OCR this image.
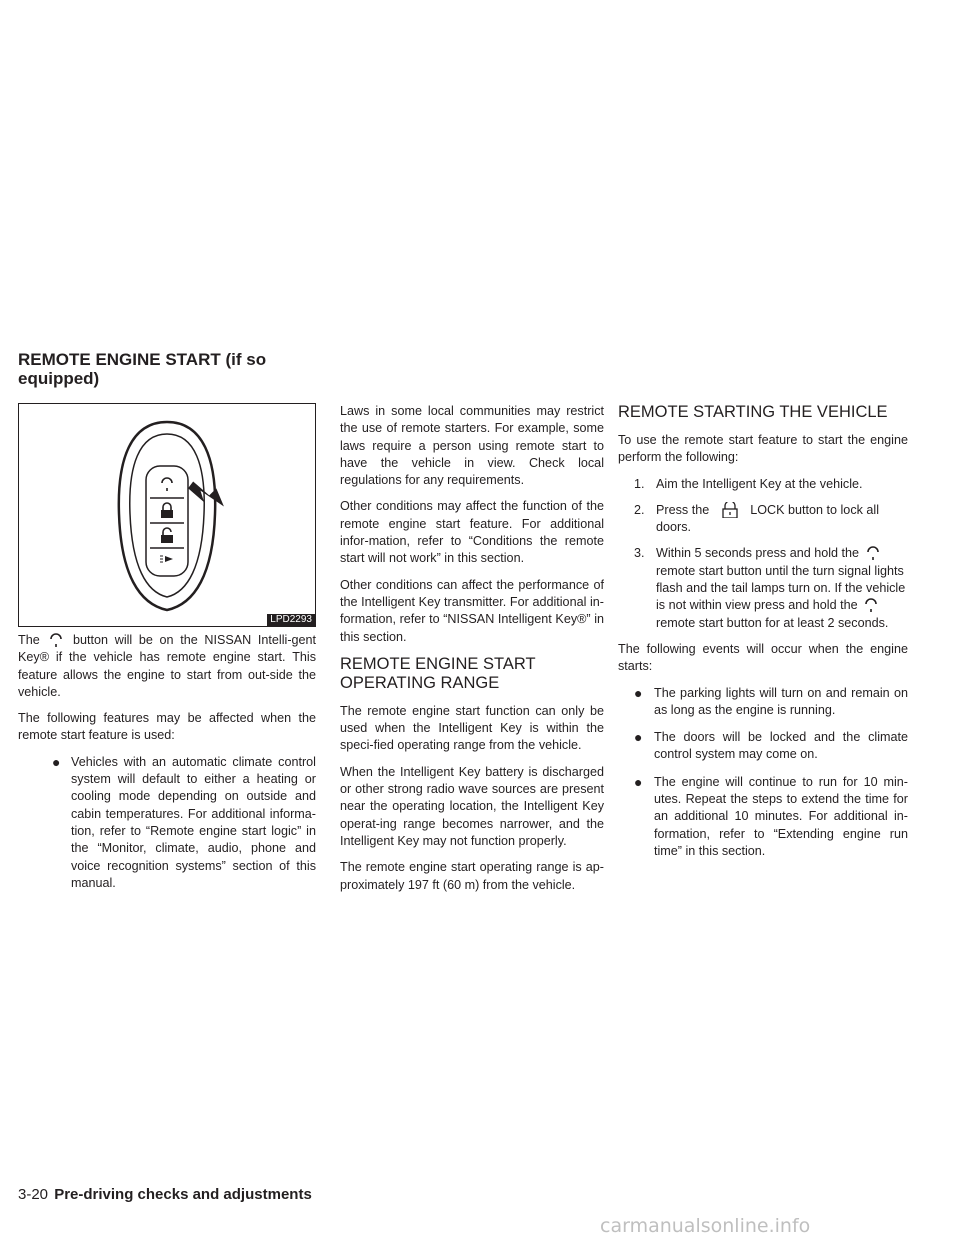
REMOTE ENGINE START (if so equipped)
LPD2293

The	button will be on the NISSAN Intelli-gent Key® if the vehicle has remote engine start. This feature allows the engine to start from out-side the vehicle.

The following features may be affected when the remote start feature is used:

● Vehicles with an automatic climate control system will default to either a heating or cooling mode depending on outside and cabin temperatures. For additional informa-tion, refer to “Remote engine start logic” in the “Monitor, climate, audio, phone and voice recognition systems” section of this manual.

Laws in some local communities may restrict the use of remote starters. For example, some laws require a person using remote start to have the vehicle in view. Check local regulations for any requirements.

Other conditions may affect the function of the remote engine start feature. For additional infor-mation, refer to “Conditions the remote start will not work” in this section.

Other conditions can affect the performance of the Intelligent Key transmitter. For additional in-formation, refer to “NISSAN Intelligent Key®” in this section.

REMOTE ENGINE START OPERATING RANGE

The remote engine start function can only be used when the Intelligent Key is within the speci-fied operating range from the vehicle.

When the Intelligent Key battery is discharged or other strong radio wave sources are present near the operating location, the Intelligent Key operat-ing range becomes narrower, and the Intelligent Key may not function properly.

The remote engine start operating range is ap-proximately 197 ft (60 m) from the vehicle.

REMOTE STARTING THE VEHICLE

To use the remote start feature to start the engine perform the following:

1. Aim the Intelligent Key at the vehicle.
2. Press the	LOCK button to lock all doors.
3. Within 5 seconds press and hold the  remote start button until the turn signal lights flash and the tail lamps turn on. If the vehicle is not within view press and hold the  remote start button for at least 2 seconds.

The following events will occur when the engine starts:

● The parking lights will turn on and remain on as long as the engine is running.
● The doors will be locked and the climate control system may come on.
● The engine will continue to run for 10 min-utes. Repeat the steps to extend the time for an additional 10 minutes. For additional in-formation, refer to “Extending engine run time” in this section.
3-20 Pre-driving checks and adjustments
carmanualsonline.info
